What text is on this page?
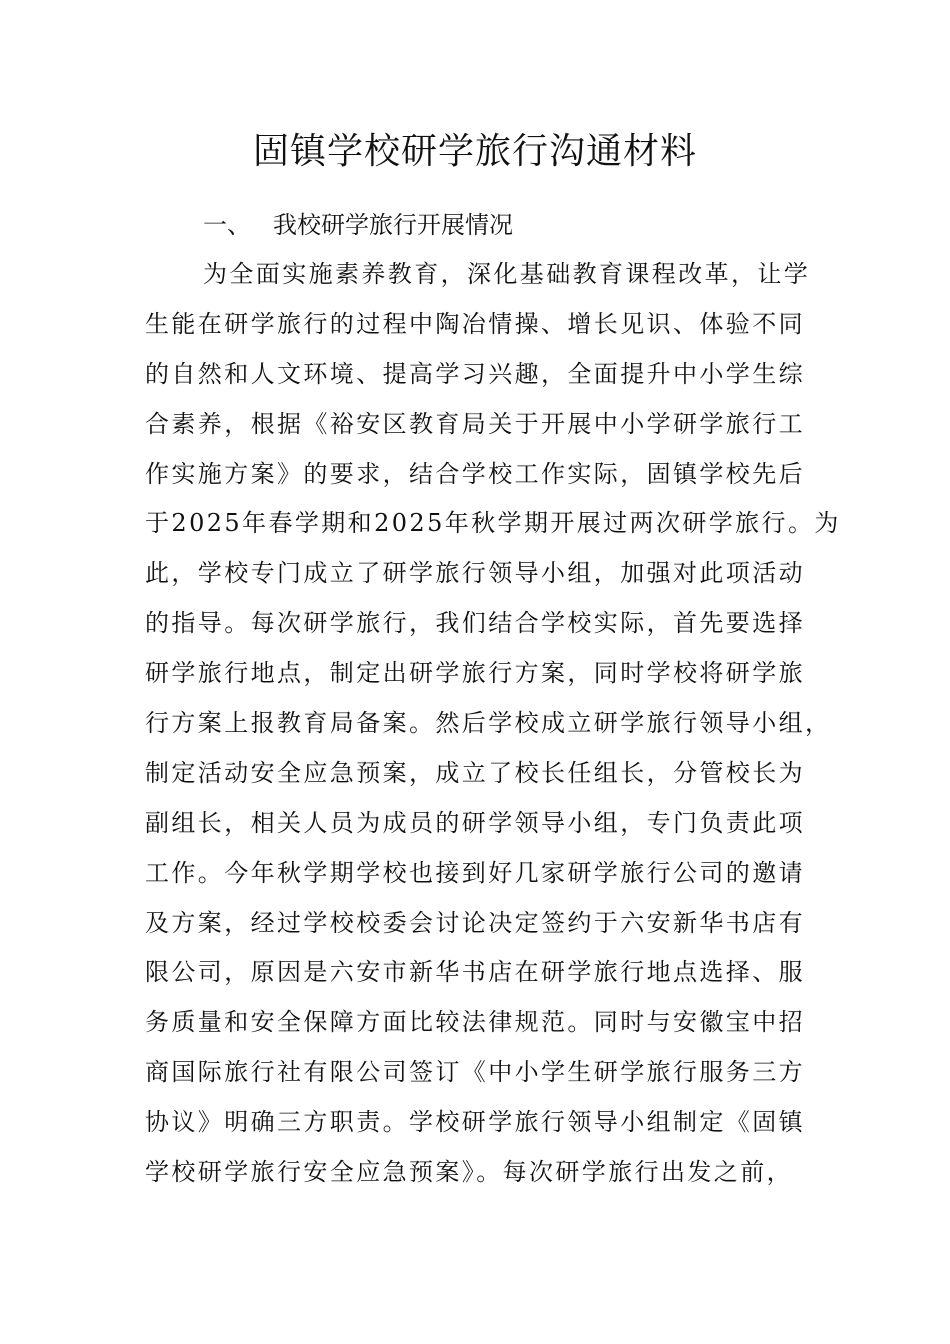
固镇学校研学旅行沟通材料

一、 我校研学旅行开展情况

为全面实施素养教育，深化基础教育课程改革，让学
生能在研学旅行的过程中陶冶情操、增长见识、体验不同
的自然和人文环境、提高学习兴趣，全面提升中小学生综
合素养，根据《裕安区教育局关于开展中小学研学旅行工
作实施方案》的要求，结合学校工作实际，固镇学校先后
于2025年春学期和2025年秋学期开展过两次研学旅行。为
此，学校专门成立了研学旅行领导小组，加强对此项活动
的指导。每次研学旅行，我们结合学校实际，首先要选择
研学旅行地点，制定出研学旅行方案，同时学校将研学旅
行方案上报教育局备案。然后学校成立研学旅行领导小组，
制定活动安全应急预案，成立了校长任组长，分管校长为
副组长，相关人员为成员的研学领导小组，专门负责此项
工作。今年秋学期学校也接到好几家研学旅行公司的邀请
及方案，经过学校校委会讨论决定签约于六安新华书店有
限公司，原因是六安市新华书店在研学旅行地点选择、服
务质量和安全保障方面比较法律规范。同时与安徽宝中招
商国际旅行社有限公司签订《中小学生研学旅行服务三方
协议》明确三方职责。学校研学旅行领导小组制定《固镇
学校研学旅行安全应急预案》。每次研学旅行出发之前，
